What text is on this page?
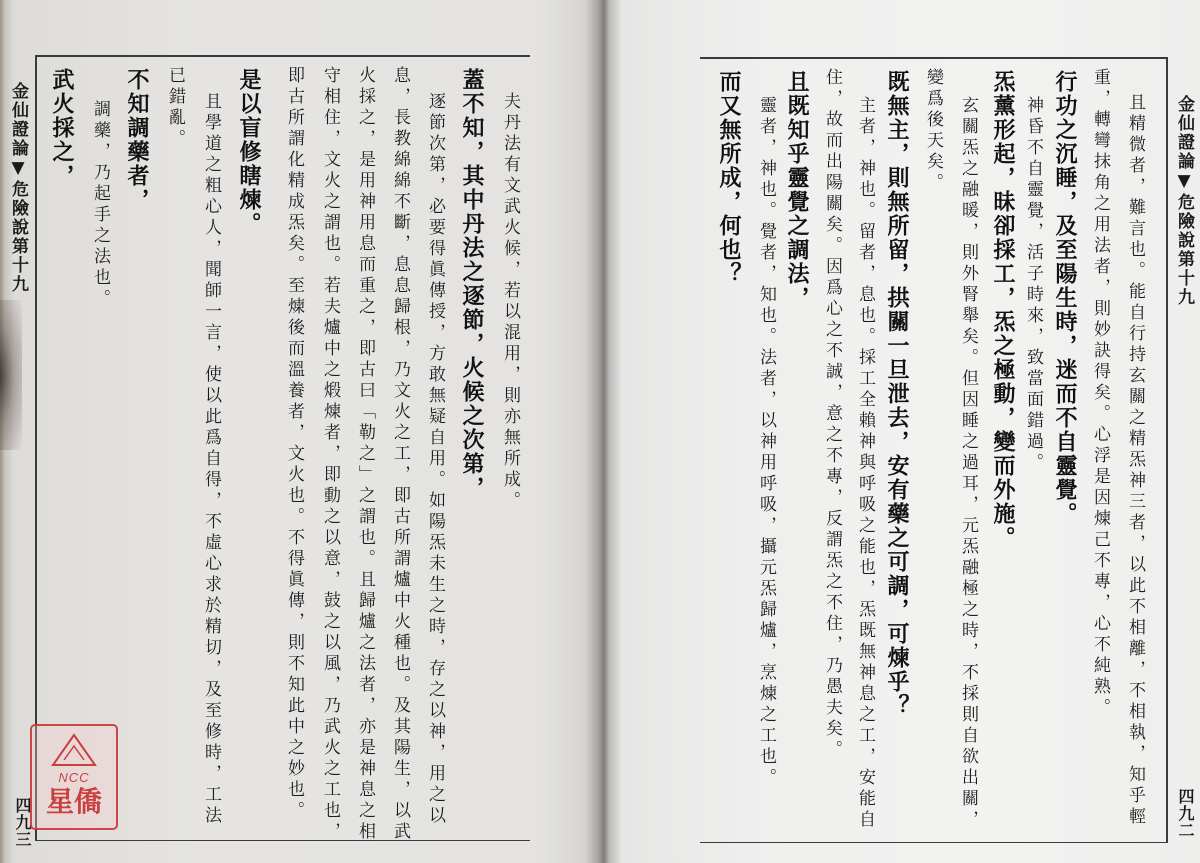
金仙證論▼危險說第十九
四九三
夫丹法有文武火候，若以混用，則亦無所成。
蓋不知，其中丹法之逐節，火候之次第，
逐節次第，必要得眞傳授，方敢無疑自用。如陽炁未生之時，存之以神，用之以
息，長教綿綿不斷，息息歸根，乃文火之工，即古所謂爐中火種也。及其陽生，以武
火採之，是用神用息而重之，即古曰「勒之」之謂也。且歸爐之法者，亦是神息之相
守相住，文火之謂也。若夫爐中之煅煉者，即動之以意，鼓之以風，乃武火之工也，
即古所謂化精成炁矣。至煉後而溫養者，文火也。不得眞傳，則不知此中之妙也。
是以盲修瞎煉。
且學道之粗心人，聞師一言，使以此爲自得，不虛心求於精切，及至修時，工法
已錯亂。
不知調藥者，
調藥，乃起手之法也。
武火採之，
NCC
星僑
金仙證論▼危險說第十九
四九二
且精微者，難言也。能自行持玄關之精炁神三者，以此不相離，不相執，知乎輕
重，轉彎抹角之用法者，則妙訣得矣。心浮是因煉己不專，心不純熟。
行功之沉睡，及至陽生時，迷而不自靈覺。
神昏不自靈覺，活子時來，致當面錯過。
炁薰形起，昧卻採工，炁之極動，變而外施。
玄關炁之融暖，則外腎舉矣。但因睡之過耳，元炁融極之時，不採則自欲出關，
變爲後天矣。
既無主，則無所留，拱關一旦泄去，安有藥之可調，可煉乎？
主者，神也。留者，息也。採工全賴神與呼吸之能也，炁既無神息之工，安能自
住，故而出陽關矣。因爲心之不誠，意之不專，反謂炁之不住，乃愚夫矣。
且既知乎靈覺之調法，
靈者，神也。覺者，知也。法者，以神用呼吸，攝元炁歸爐，烹煉之工也。
而又無所成，何也？
